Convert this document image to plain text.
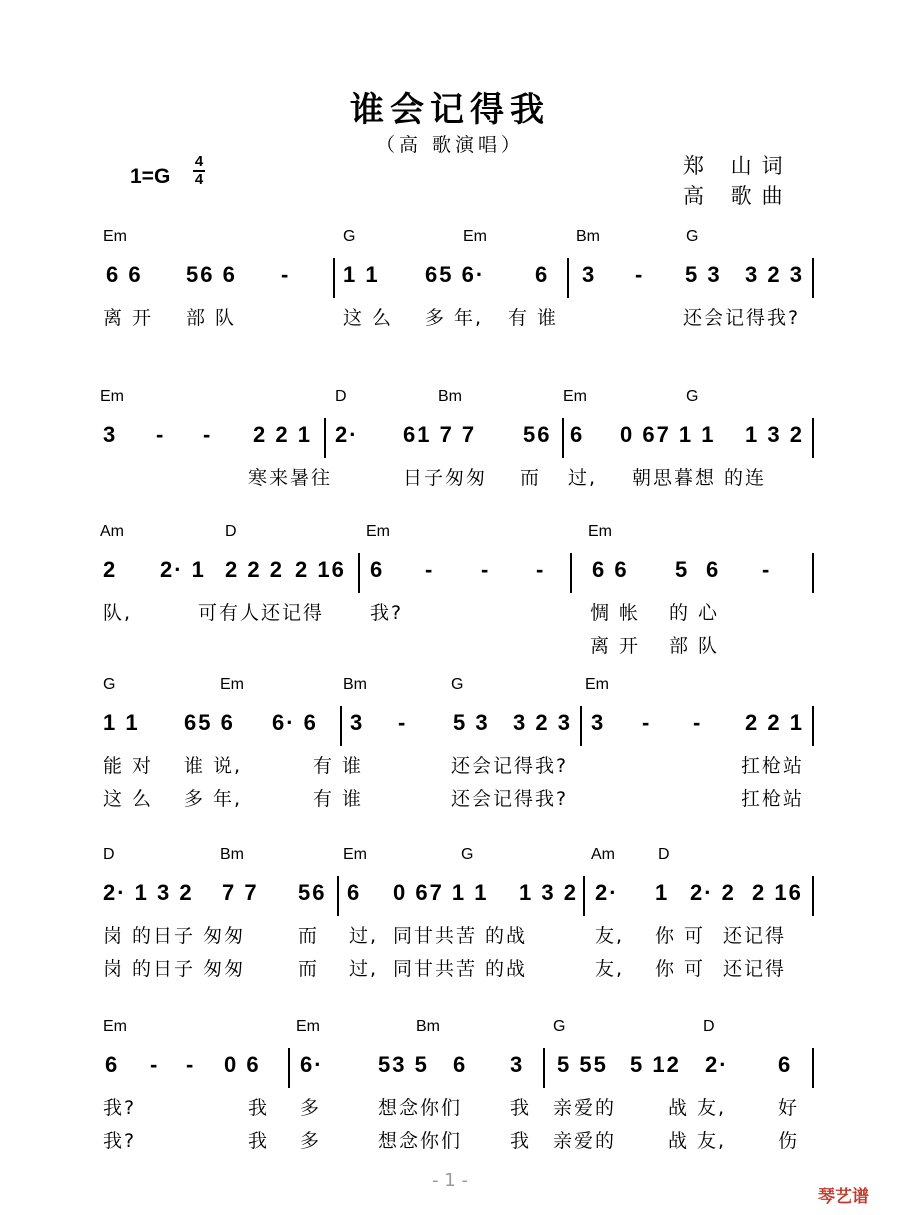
谁会记得我
（高 歌演唱）
郑 山词
高 歌曲
1=G
4
4
Em	G	Em	Bm	G
6 6 56 6 - 1 1 65 6· 6 3 - 5 3 3 2 3
离 开 部 队	这 么 多 年, 有 谁	还会记得我?
Em	D	Bm	Em	G
3 - - 2 2 1 2· 61 7 7 56 6 0 67 1 1 1 3 2
寒来暑往	日子匆匆 而 过, 朝思暮想 的连
Am	D	Em	Em
2 2· 1 2 2 2 2 16 6 - - - 6 6 5 6 -
队,	可有人还记得 我?	惆 帐 的 心
离 开 部 队
G	Em	Bm	G	Em
1 1 65 6 6· 6 3 - 5 3 3 2 3 3 - - 2 2 1
能 对 谁 说,	有 谁	还会记得我?	扛枪站
这 么 多 年,	有 谁	还会记得我?	扛枪站
D	Bm	Em	G	Am	D
2· 1 3 2 7 7 56 6 0 67 1 1 1 3 2 2· 1 2· 2 2 16
岗 的日子 匆匆	而 过, 同甘共苦 的战	友, 你 可 还记得
岗 的日子 匆匆	而 过, 同甘共苦 的战	友, 你 可 还记得
Em	Em	Bm	G	D
6 - - 0 6 6· 53 5 6 3 5 55 5 12 2· 6
我?	我 多	想念你们	我 亲爱的	战 友,	好
我?	我 多	想念你们	我 亲爱的	战 友,	伤
- 1 -
琴艺谱
